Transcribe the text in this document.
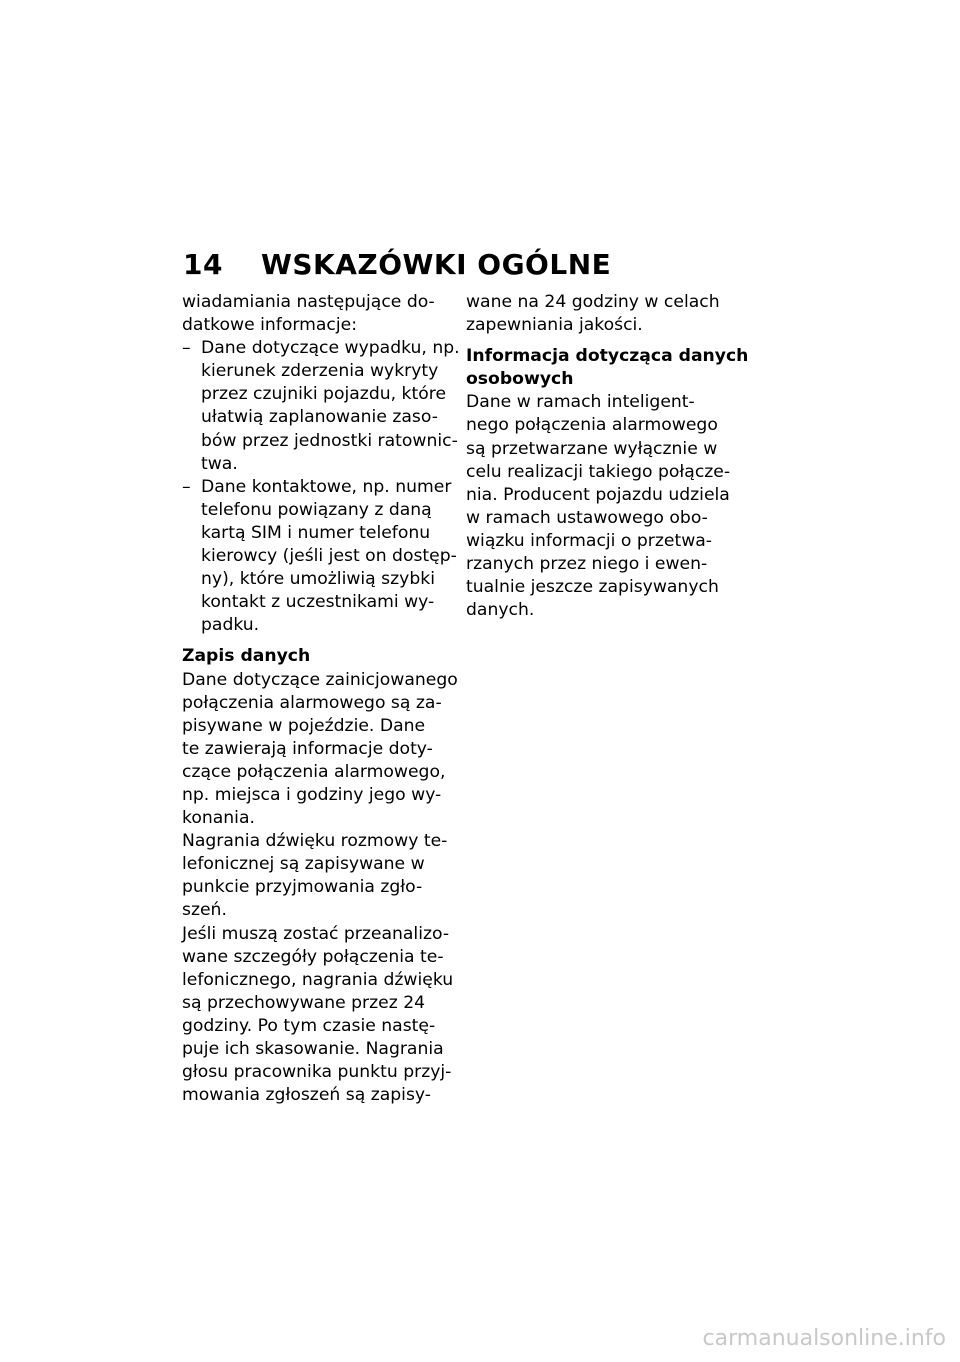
14	WSKAZÓWKI OGÓLNE
wiadamiania następujące do-
datkowe informacje:
– Dane dotyczące wypadku, np.
kierunek zderzenia wykryty
przez czujniki pojazdu, które
ułatwią zaplanowanie zaso-
bów przez jednostki ratownic-
twa.
– Dane kontaktowe, np. numer
telefonu powiązany z daną
kartą SIM i numer telefonu
kierowcy (jeśli jest on dostęp-
ny), które umożliwią szybki
kontakt z uczestnikami wy-
padku.
Zapis danych
Dane dotyczące zainicjowanego
połączenia alarmowego są za-
pisywane w pojeździe. Dane
te zawierają informacje doty-
czące połączenia alarmowego,
np. miejsca i godziny jego wy-
konania.
Nagrania dźwięku rozmowy te-
lefonicznej są zapisywane w
punkcie przyjmowania zgło-
szeń.
Jeśli muszą zostać przeanalizo-
wane szczegóły połączenia te-
lefonicznego, nagrania dźwięku
są przechowywane przez 24
godziny. Po tym czasie nastę-
puje ich skasowanie. Nagrania
głosu pracownika punktu przyj-
mowania zgłoszeń są zapisy-
wane na 24 godziny w celach
zapewniania jakości.
Informacja dotycząca danych
osobowych
Dane w ramach inteligent-
nego połączenia alarmowego
są przetwarzane wyłącznie w
celu realizacji takiego połącze-
nia. Producent pojazdu udziela
w ramach ustawowego obo-
wiązku informacji o przetwa-
rzanych przez niego i ewen-
tualnie jeszcze zapisywanych
danych.
carmanualsonline.info
